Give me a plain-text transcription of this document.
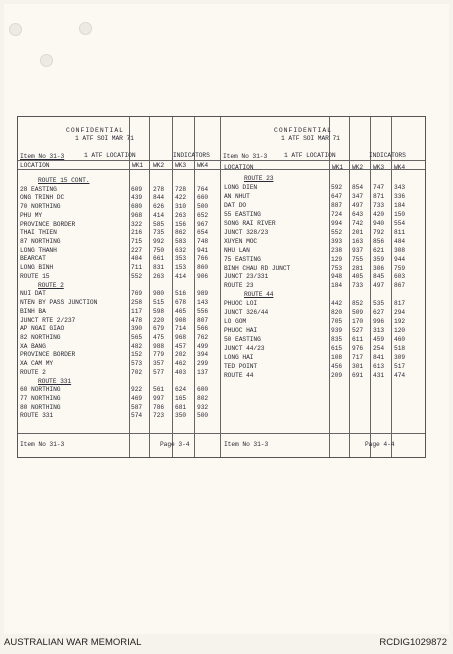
CONFIDENTIAL
1 ATF SOI MAR 71
Item No 31-3	1 ATF LOCATION	INDICATORS
LOCATION	WK1 WK2 WK3 WK4
ROUTE 15 CONT.
28 EASTING	609 278 728 764
ONG TRINH DC	439 844 422 660
70 NORTHING	680 626 310 500
PHU MY	968 414 263 652
PROVINCE BORDER	322 585 156 967
THAI THIEN	216 735 862 654
87 NORTHING	715 992 583 748
LONG THANH	227 750 632 941
BEARCAT	404 661 353 766
LONG BINH	711 831 153 860
ROUTE 15	552 263 414 906
ROUTE 2
NUI DAT	769 980 516 989
NTEN BY PASS JUNCTION	258 515 678 143
BINH BA	117 598 465 556
JUNCT RTE 2/237	478 220 908 807
AP NGAI GIAO	390 679 714 566
82 NORTHING	565 475 968 762
XA BANG	482 988 457 499
PROVINCE BORDER	152 779 202 394
XA CAM MY	573 357 462 299
ROUTE 2	702 577 403 137
ROUTE 331
60 NORTHING	922 561 624 600
77 NORTHING	469 997 165 802
80 NORTHING	587 786 681 932
ROUTE 331	574 723 350 500
Item No 31-3	Page 3-4
CONFIDENTIAL
1 ATF SOI MAR 71
Item No 31-3	1 ATF LOCATION	INDICATORS
LOCATION	WK1 WK2 WK3 WK4
ROUTE 23
LONG DIEN	592 854 747 343
AN NHUT	647 347 871 336
DAT DO	887 497 733 184
55 EASTING	724 643 420 150
SONG RAI RIVER	994 742 940 554
JUNCT 328/23	552 201 792 811
XUYEN MOC	393 163 856 484
NHU LAN	238 937 621 308
75 EASTING	129 755 359 944
BINH CHAU RD JUNCT	753 281 306 759
JUNCT 23/331	948 405 845 603
ROUTE 23	184 733 497 867
ROUTE 44
PHUOC LOI	442 852 535 817
JUNCT 326/44	820 509 627 294
LO GOM	705 170 996 192
PHUOC HAI	939 527 313 120
50 EASTING	835 611 459 460
JUNCT 44/23	615 976 254 518
LONG HAI	108 717 841 309
TED POINT	456 301 613 517
ROUTE 44	209 691 431 474
Item No 31-3	Page 4-4
AUSTRALIAN WAR MEMORIAL	RCDIG1029872
